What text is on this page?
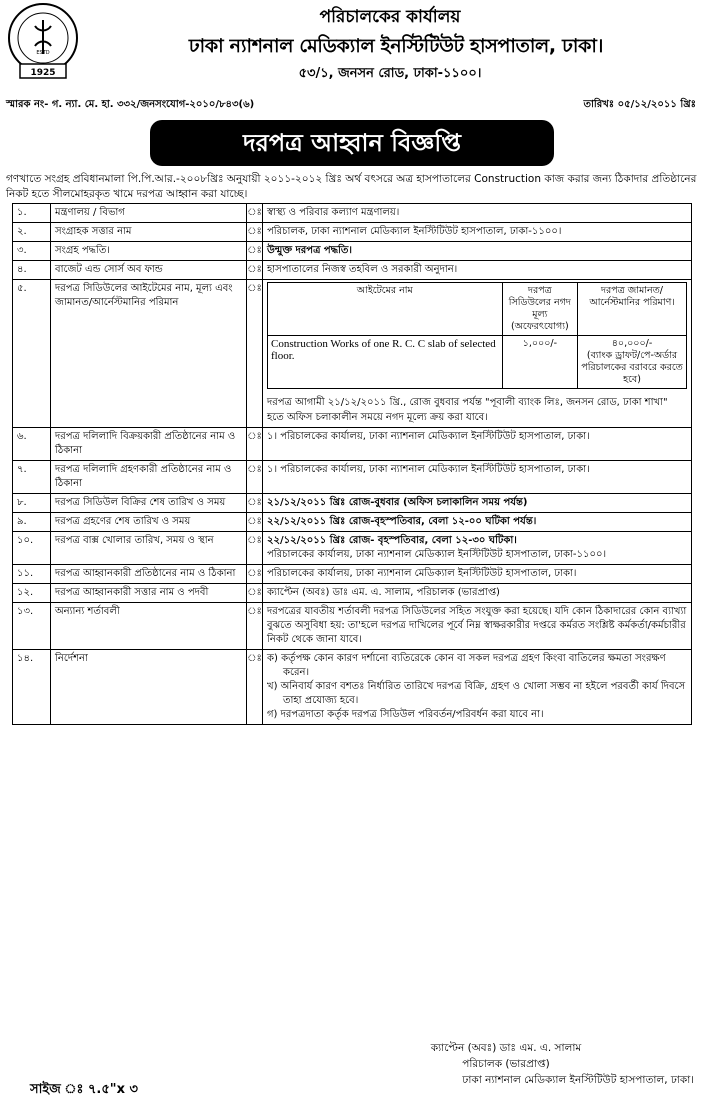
ESTD
1925
পরিচালকের কার্যালয়
ঢাকা ন্যাশনাল মেডিক্যাল ইনস্টিটিউট হাসপাতাল, ঢাকা।
৫৩/১, জনসন রোড, ঢাকা-১১০০।
স্মারক নং- গ. ন্যা. মে. হা. ৩৩২/জনসংযোগ-২০১০/৮৪৩(৬)	তারিখঃ ০৫/১২/২০১১ খ্রিঃ
দরপত্র আহ্বান বিজ্ঞপ্তি
গণখাতে সংগ্রহ প্রবিধানমালা পি.পি.আর.-২০০৮খ্রিঃ অনুযায়ী ২০১১-২০১২ খ্রিঃ অর্থ বৎসরে অত্র হাসপাতালের Construction কাজ করার জন্য ঠিকাদার প্রতিষ্ঠানের নিকট হতে সীলমোহরকৃত খামে দরপত্র আহ্বান করা যাচ্ছে।
১.	মন্ত্রণালয় / বিভাগ	ঃ	স্বাস্থ্য ও পরিবার কল্যাণ মন্ত্রণালয়।
২.	সংগ্রাহক সত্তার নাম	ঃ	পরিচালক, ঢাকা ন্যাশনাল মেডিক্যাল ইনস্টিটিউট হাসপাতাল, ঢাকা-১১০০।
৩.	সংগ্রহ পদ্ধতি।	ঃ	উন্মুক্ত দরপত্র পদ্ধতি।
৪.	বাজেট এন্ড সোর্স অব ফান্ড	ঃ	হাসপাতালের নিজস্ব তহবিল ও সরকারী অনুদান।
৫.	দরপত্র সিডিউলের আইটেমের নাম, মূল্য এবং জামানত/আর্নেস্টমানির পরিমান	ঃ		আইটেমের নাম	দরপত্র সিডিউলের নগদ মূল্য (অফেরৎযোগ্য)	দরপত্র জামানত/ আর্নেস্টমানির পরিমাণ।
Construction Works of one R. C. C slab of selected floor.	১,০০০/-	৪০,০০০/-
(ব্যাংক ড্রাফট/পে-অর্ডার পরিচালকের বরাবরে করতে হবে)
দরপত্র আগামী ২১/১২/২০১১ খ্রি., রোজ বুধবার পর্যন্ত "পূবালী ব্যাংক লিঃ, জনসন রোড, ঢাকা শাখা" হতে অফিস চলাকালীন সময়ে নগদ মূল্যে ক্রয় করা যাবে।

৬.	দরপত্র দলিলাদি বিক্রয়কারী প্রতিষ্ঠানের নাম ও ঠিকানা	ঃ	১। পরিচালকের কার্যালয়, ঢাকা ন্যাশনাল মেডিক্যাল ইনস্টিটিউট হাসপাতাল, ঢাকা।
৭.	দরপত্র দলিলাদি গ্রহণকারী প্রতিষ্ঠানের নাম ও ঠিকানা	ঃ	১। পরিচালকের কার্যালয়, ঢাকা ন্যাশনাল মেডিক্যাল ইনস্টিটিউট হাসপাতাল, ঢাকা।
৮.	দরপত্র সিডিউল বিক্রির শেষ তারিখ ও সময়	ঃ	২১/১২/২০১১ খ্রিঃ রোজ-বুধবার (অফিস চলাকালিন সময় পর্যন্ত)
৯.	দরপত্র গ্রহণের শেষ তারিখ ও সময়	ঃ	২২/১২/২০১১ খ্রিঃ রোজ-বৃহস্পতিবার, বেলা ১২-০০ ঘটিকা পর্যন্ত।
১০.	দরপত্র বাক্স খোলার তারিখ, সময় ও স্থান	ঃ	২২/১২/২০১১ খ্রিঃ রোজ- বৃহস্পতিবার, বেলা ১২-৩০ ঘটিকা।
পরিচালকের কার্যালয়, ঢাকা ন্যাশনাল মেডিক্যাল ইনস্টিটিউট হাসপাতাল, ঢাকা-১১০০।

১১.	দরপত্র আহ্বানকারী প্রতিষ্ঠানের নাম ও ঠিকানা	ঃ	পরিচালকের কার্যালয়, ঢাকা ন্যাশনাল মেডিক্যাল ইনস্টিটিউট হাসপাতাল, ঢাকা।
১২.	দরপত্র আহ্বানকারী সত্তার নাম ও পদবী	ঃ	ক্যাপ্টেন (অবঃ) ডাঃ এম. এ. সালাম, পরিচালক (ভারপ্রাপ্ত)
১৩.	অন্যান্য শর্তাবলী	ঃ	দরপত্রের যাবতীয় শর্তাবলী দরপত্র সিডিউলের সহিত সংযুক্ত করা হয়েছে। যদি কোন ঠিকাদারের কোন ব্যাখ্যা বুঝতে অসুবিধা হয়: তা'হলে দরপত্র দাখিলের পূর্বে নিম্ন স্বাক্ষরকারীর দপ্তরে কর্মরত সংশ্লিষ্ট কর্মকর্তা/কর্মচারীর নিকট থেকে জানা যাবে।
১৪.	নির্দেশনা	ঃ	ক) কর্তৃপক্ষ কোন কারণ দর্শানো ব্যতিরেকে কোন বা সকল দরপত্র গ্রহণ কিংবা বাতিলের ক্ষমতা সংরক্ষণ করেন।
খ) অনিবার্য কারণ বশতঃ নির্ধারিত তারিখে দরপত্র বিক্রি, গ্রহণ ও খোলা সম্ভব না হইলে পরবর্তী কার্য দিবসে তাহা প্রযোজ্য হবে।
গ) দরপত্রদাতা কর্তৃক দরপত্র সিডিউল পরিবর্তন/পরিবর্ধন করা যাবে না।
ক্যাপ্টেন (অবঃ) ডাঃ এম. এ. সালাম
পরিচালক (ভারপ্রাপ্ত)
ঢাকা ন্যাশনাল মেডিক্যাল ইনস্টিটিউট হাসপাতাল, ঢাকা।
সাইজ ঃ ৭.৫"x ৩
